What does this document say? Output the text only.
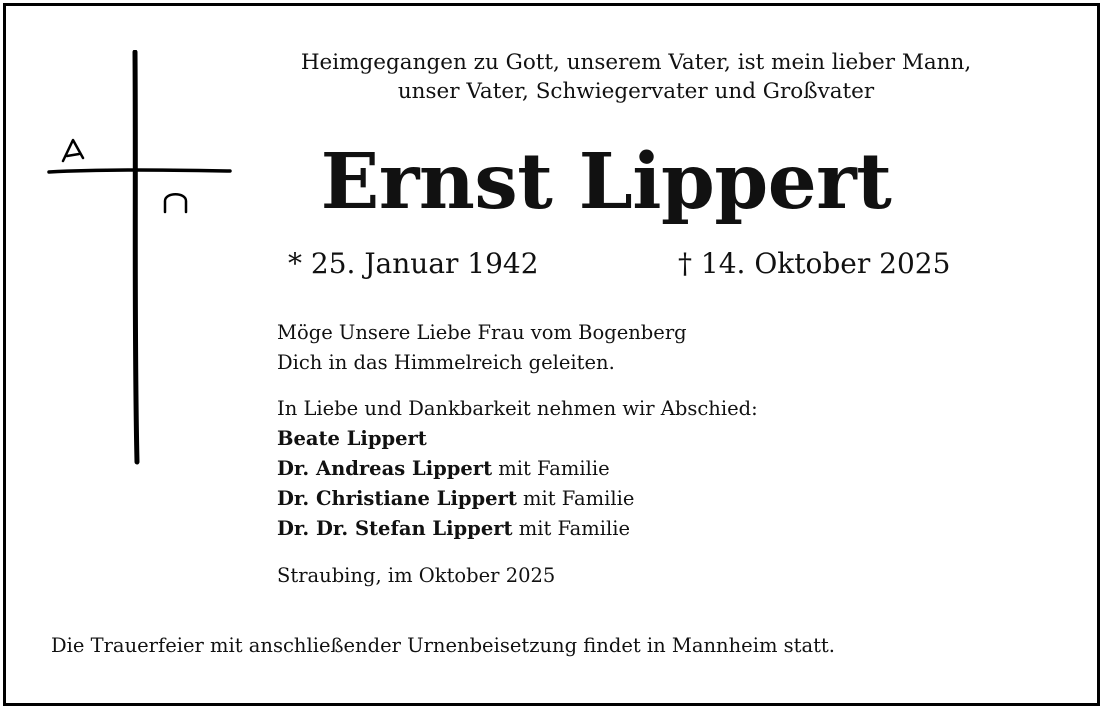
Heimgegangen zu Gott, unserem Vater, ist mein lieber Mann,
unser Vater, Schwiegervater und Großvater
Ernst Lippert
* 25. Januar 1942	† 14. Oktober 2025
Möge Unsere Liebe Frau vom Bogenberg
Dich in das Himmelreich geleiten.
In Liebe und Dankbarkeit nehmen wir Abschied:
Beate Lippert
Dr. Andreas Lippert mit Familie
Dr. Christiane Lippert mit Familie
Dr. Dr. Stefan Lippert mit Familie
Straubing, im Oktober 2025
Die Trauerfeier mit anschließender Urnenbeisetzung findet in Mannheim statt.
